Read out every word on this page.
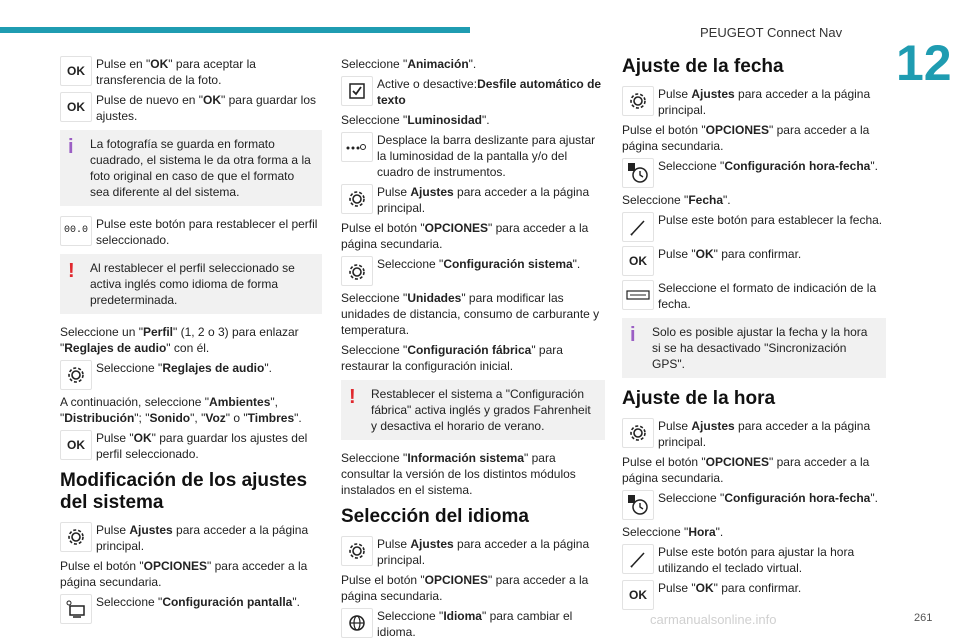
PEUGEOT Connect Nav
12
carmanualsonline.info	261
OK Pulse en "OK" para aceptar la transferencia de la foto.
OK Pulse de nuevo en "OK" para guardar los ajustes.
i	La fotografía se guarda en formato cuadrado, el sistema le da otra forma a la foto original en caso de que el formato sea diferente al del sistema.
00.0 Pulse este botón para restablecer el perfil seleccionado.
!	Al restablecer el perfil seleccionado se activa inglés como idioma de forma predeterminada.

Seleccione un "Perfil" (1, 2 o 3) para enlazar "Reglajes de audio" con él.

Seleccione "Reglajes de audio".

A continuación, seleccione "Ambientes", "Distribución"; "Sonido", "Voz" o "Timbres".

OK Pulse "OK" para guardar los ajustes del perfil seleccionado.
Modificación de los ajustes del sistema
Pulse Ajustes para acceder a la página principal.

Pulse el botón "OPCIONES" para acceder a la página secundaria.

Seleccione "Configuración pantalla".

Seleccione "Animación".

Active o desactive:Desfile automático de texto

Seleccione "Luminosidad".

Desplace la barra deslizante para ajustar la luminosidad de la pantalla y/o del cuadro de instrumentos.
Pulse Ajustes para acceder a la página principal.

Pulse el botón "OPCIONES" para acceder a la página secundaria.

Seleccione "Configuración sistema".

Seleccione "Unidades" para modificar las unidades de distancia, consumo de carburante y temperatura.

Seleccione "Configuración fábrica" para restaurar la configuración inicial.

!	Restablecer el sistema a "Configuración fábrica" activa inglés y grados Fahrenheit y desactiva el horario de verano.

Seleccione "Información sistema" para consultar la versión de los distintos módulos instalados en el sistema.

Selección del idioma
Pulse Ajustes para acceder a la página principal.

Pulse el botón "OPCIONES" para acceder a la página secundaria.

Seleccione "Idioma" para cambiar el idioma.
Ajuste de la fecha
Pulse Ajustes para acceder a la página principal.

Pulse el botón "OPCIONES" para acceder a la página secundaria.

Seleccione "Configuración hora-fecha".

Seleccione "Fecha".

Pulse este botón para establecer la fecha.
OK Pulse "OK" para confirmar.
Seleccione el formato de indicación de la fecha.
i	Solo es posible ajustar la fecha y la hora si se ha desactivado "Sincronización GPS".
Ajuste de la hora
Pulse Ajustes para acceder a la página principal.

Pulse el botón "OPCIONES" para acceder a la página secundaria.

Seleccione "Configuración hora-fecha".

Seleccione "Hora".

Pulse este botón para ajustar la hora utilizando el teclado virtual.
OK Pulse "OK" para confirmar.
